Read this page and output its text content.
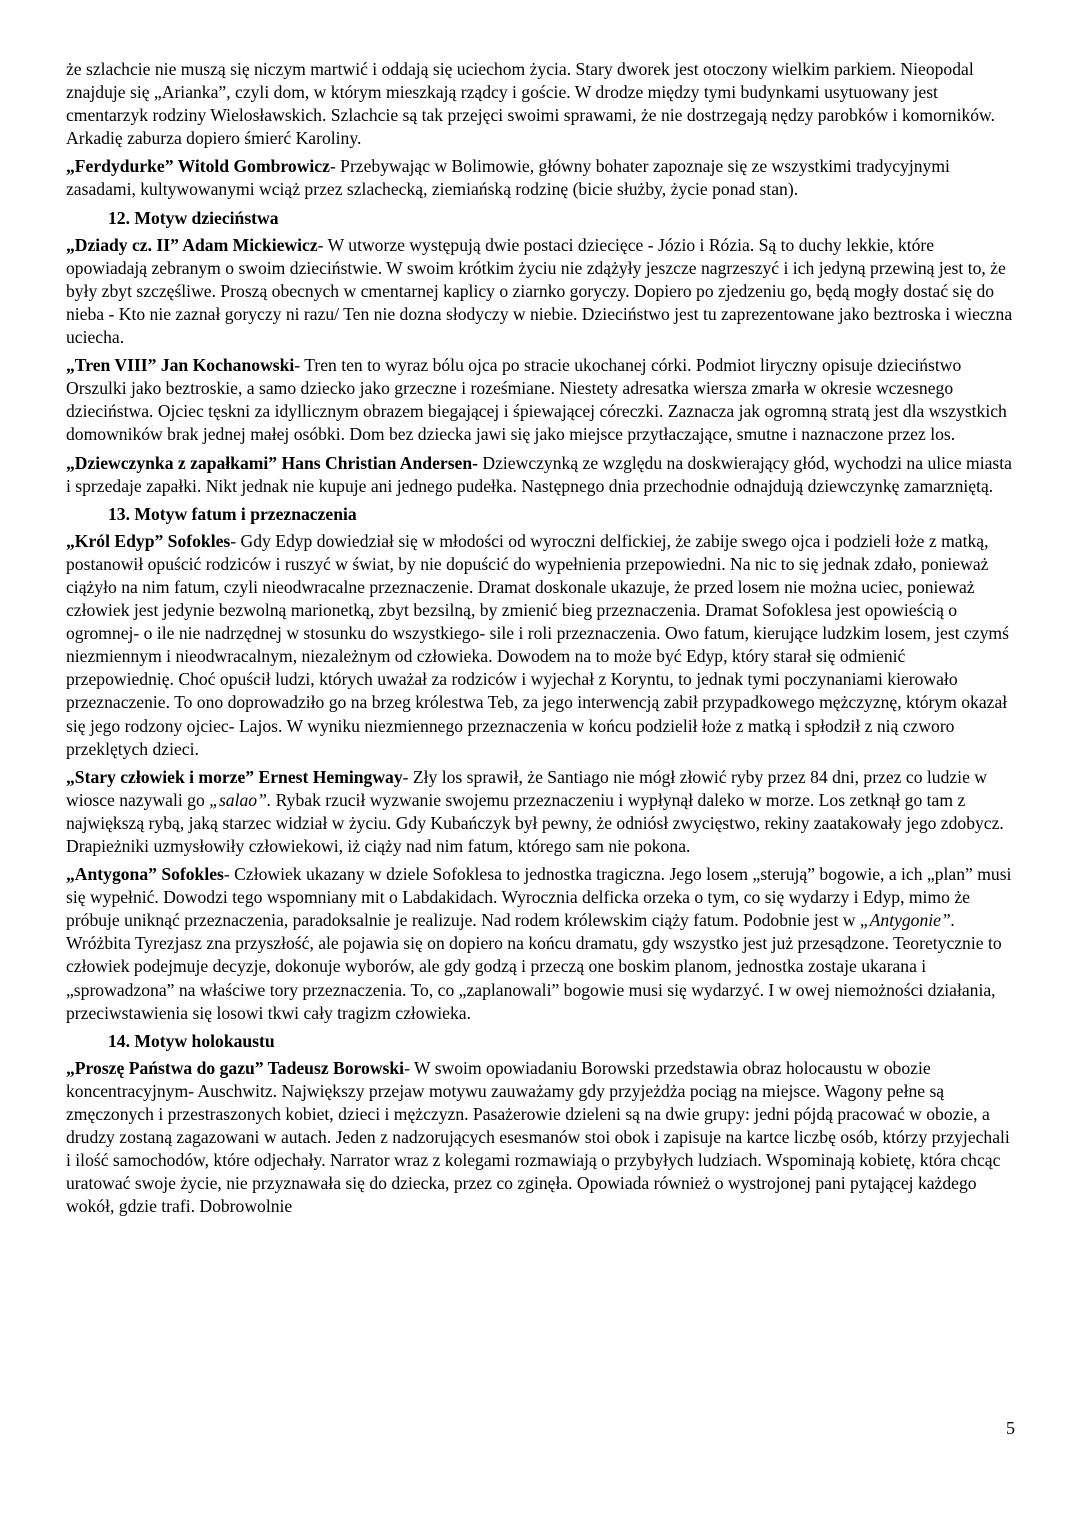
że szlachcie nie muszą się niczym martwić i oddają się uciechom życia. Stary dworek jest otoczony wielkim parkiem. Nieopodal znajduje się „Arianka”, czyli dom, w którym mieszkają rządcy i goście. W drodze między tymi budynkami usytuowany jest cmentarzyk rodziny Wielosławskich. Szlachcie są tak przejęci swoimi sprawami, że nie dostrzegają nędzy parobków i komorników. Arkadię zaburza dopiero śmierć Karoliny.

„Ferdydurke” Witold Gombrowicz- Przebywając w Bolimowie, główny bohater zapoznaje się ze wszystkimi tradycyjnymi zasadami, kultywowanymi wciąż przez szlachecką, ziemiańską rodzinę (bicie służby, życie ponad stan).

12. Motyw dzieciństwa

„Dziady cz. II” Adam Mickiewicz- W utworze występują dwie postaci dziecięce - Józio i Rózia. Są to duchy lekkie, które opowiadają zebranym o swoim dzieciństwie. W swoim krótkim życiu nie zdążyły jeszcze nagrzeszyć i ich jedyną przewiną jest to, że były zbyt szczęśliwe. Proszą obecnych w cmentarnej kaplicy o ziarnko goryczy. Dopiero po zjedzeniu go, będą mogły dostać się do nieba - Kto nie zaznał goryczy ni razu/ Ten nie dozna słodyczy w niebie. Dzieciństwo jest tu zaprezentowane jako beztroska i wieczna uciecha.

„Tren VIII” Jan Kochanowski- Tren ten to wyraz bólu ojca po stracie ukochanej córki. Podmiot liryczny opisuje dzieciństwo Orszulki jako beztroskie, a samo dziecko jako grzeczne i roześmiane. Niestety adresatka wiersza zmarła w okresie wczesnego dzieciństwa. Ojciec tęskni za idyllicznym obrazem biegającej i śpiewającej córeczki. Zaznacza jak ogromną stratą jest dla wszystkich domowników brak jednej małej osóbki. Dom bez dziecka jawi się jako miejsce przytłaczające, smutne i naznaczone przez los.

„Dziewczynka z zapałkami” Hans Christian Andersen- Dziewczynką ze względu na doskwierający głód, wychodzi na ulice miasta i sprzedaje zapałki. Nikt jednak nie kupuje ani jednego pudełka. Następnego dnia przechodnie odnajdują dziewczynkę zamarzniętą.

13. Motyw fatum i przeznaczenia

„Król Edyp” Sofokles- Gdy Edyp dowiedział się w młodości od wyroczni delfickiej, że zabije swego ojca i podzieli łoże z matką, postanowił opuścić rodziców i ruszyć w świat, by nie dopuścić do wypełnienia przepowiedni. Na nic to się jednak zdało, ponieważ ciążyło na nim fatum, czyli nieodwracalne przeznaczenie. Dramat doskonale ukazuje, że przed losem nie można uciec, ponieważ człowiek jest jedynie bezwolną marionetką, zbyt bezsilną, by zmienić bieg przeznaczenia. Dramat Sofoklesa jest opowieścią o ogromnej- o ile nie nadrzędnej w stosunku do wszystkiego- sile i roli przeznaczenia. Owo fatum, kierujące ludzkim losem, jest czymś niezmiennym i nieodwracalnym, niezależnym od człowieka. Dowodem na to może być Edyp, który starał się odmienić przepowiednię. Choć opuścił ludzi, których uważał za rodziców i wyjechał z Koryntu, to jednak tymi poczynaniami kierowało przeznaczenie. To ono doprowadziło go na brzeg królestwa Teb, za jego interwencją zabił przypadkowego mężczyznę, którym okazał się jego rodzony ojciec- Lajos. W wyniku niezmiennego przeznaczenia w końcu podzielił łoże z matką i spłodził z nią czworo przeklętych dzieci.

„Stary człowiek i morze” Ernest Hemingway- Zły los sprawił, że Santiago nie mógł złowić ryby przez 84 dni, przez co ludzie w wiosce nazywali go „salao”. Rybak rzucił wyzwanie swojemu przeznaczeniu i wypłynął daleko w morze. Los zetknął go tam z największą rybą, jaką starzec widział w życiu. Gdy Kubańczyk był pewny, że odniósł zwycięstwo, rekiny zaatakowały jego zdobycz. Drapieżniki uzmysłowiły człowiekowi, iż ciąży nad nim fatum, którego sam nie pokona.

„Antygona” Sofokles- Człowiek ukazany w dziele Sofoklesa to jednostka tragiczna. Jego losem „sterują” bogowie, a ich „plan” musi się wypełnić. Dowodzi tego wspomniany mit o Labdakidach. Wyrocznia delficka orzeka o tym, co się wydarzy i Edyp, mimo że próbuje uniknąć przeznaczenia, paradoksalnie je realizuje. Nad rodem królewskim ciąży fatum. Podobnie jest w „Antygonie”. Wróżbita Tyrezjasz zna przyszłość, ale pojawia się on dopiero na końcu dramatu, gdy wszystko jest już przesądzone. Teoretycznie to człowiek podejmuje decyzje, dokonuje wyborów, ale gdy godzą i przeczą one boskim planom, jednostka zostaje ukarana i „sprowadzona” na właściwe tory przeznaczenia. To, co „zaplanowali” bogowie musi się wydarzyć. I w owej niemożności działania, przeciwstawienia się losowi tkwi cały tragizm człowieka.

14. Motyw holokaustu

„Proszę Państwa do gazu” Tadeusz Borowski- W swoim opowiadaniu Borowski przedstawia obraz holocaustu w obozie koncentracyjnym- Auschwitz. Największy przejaw motywu zauważamy gdy przyjeżdża pociąg na miejsce. Wagony pełne są zmęczonych i przestraszonych kobiet, dzieci i mężczyzn. Pasażerowie dzieleni są na dwie grupy: jedni pójdą pracować w obozie, a drudzy zostaną zagazowani w autach. Jeden z nadzorujących esesmanów stoi obok i zapisuje na kartce liczbę osób, którzy przyjechali i ilość samochodów, które odjechały. Narrator wraz z kolegami rozmawiają o przybyłych ludziach. Wspominają kobietę, która chcąc uratować swoje życie, nie przyznawała się do dziecka, przez co zginęła. Opowiada również o wystrojonej pani pytającej każdego wokół, gdzie trafi. Dobrowolnie

5
